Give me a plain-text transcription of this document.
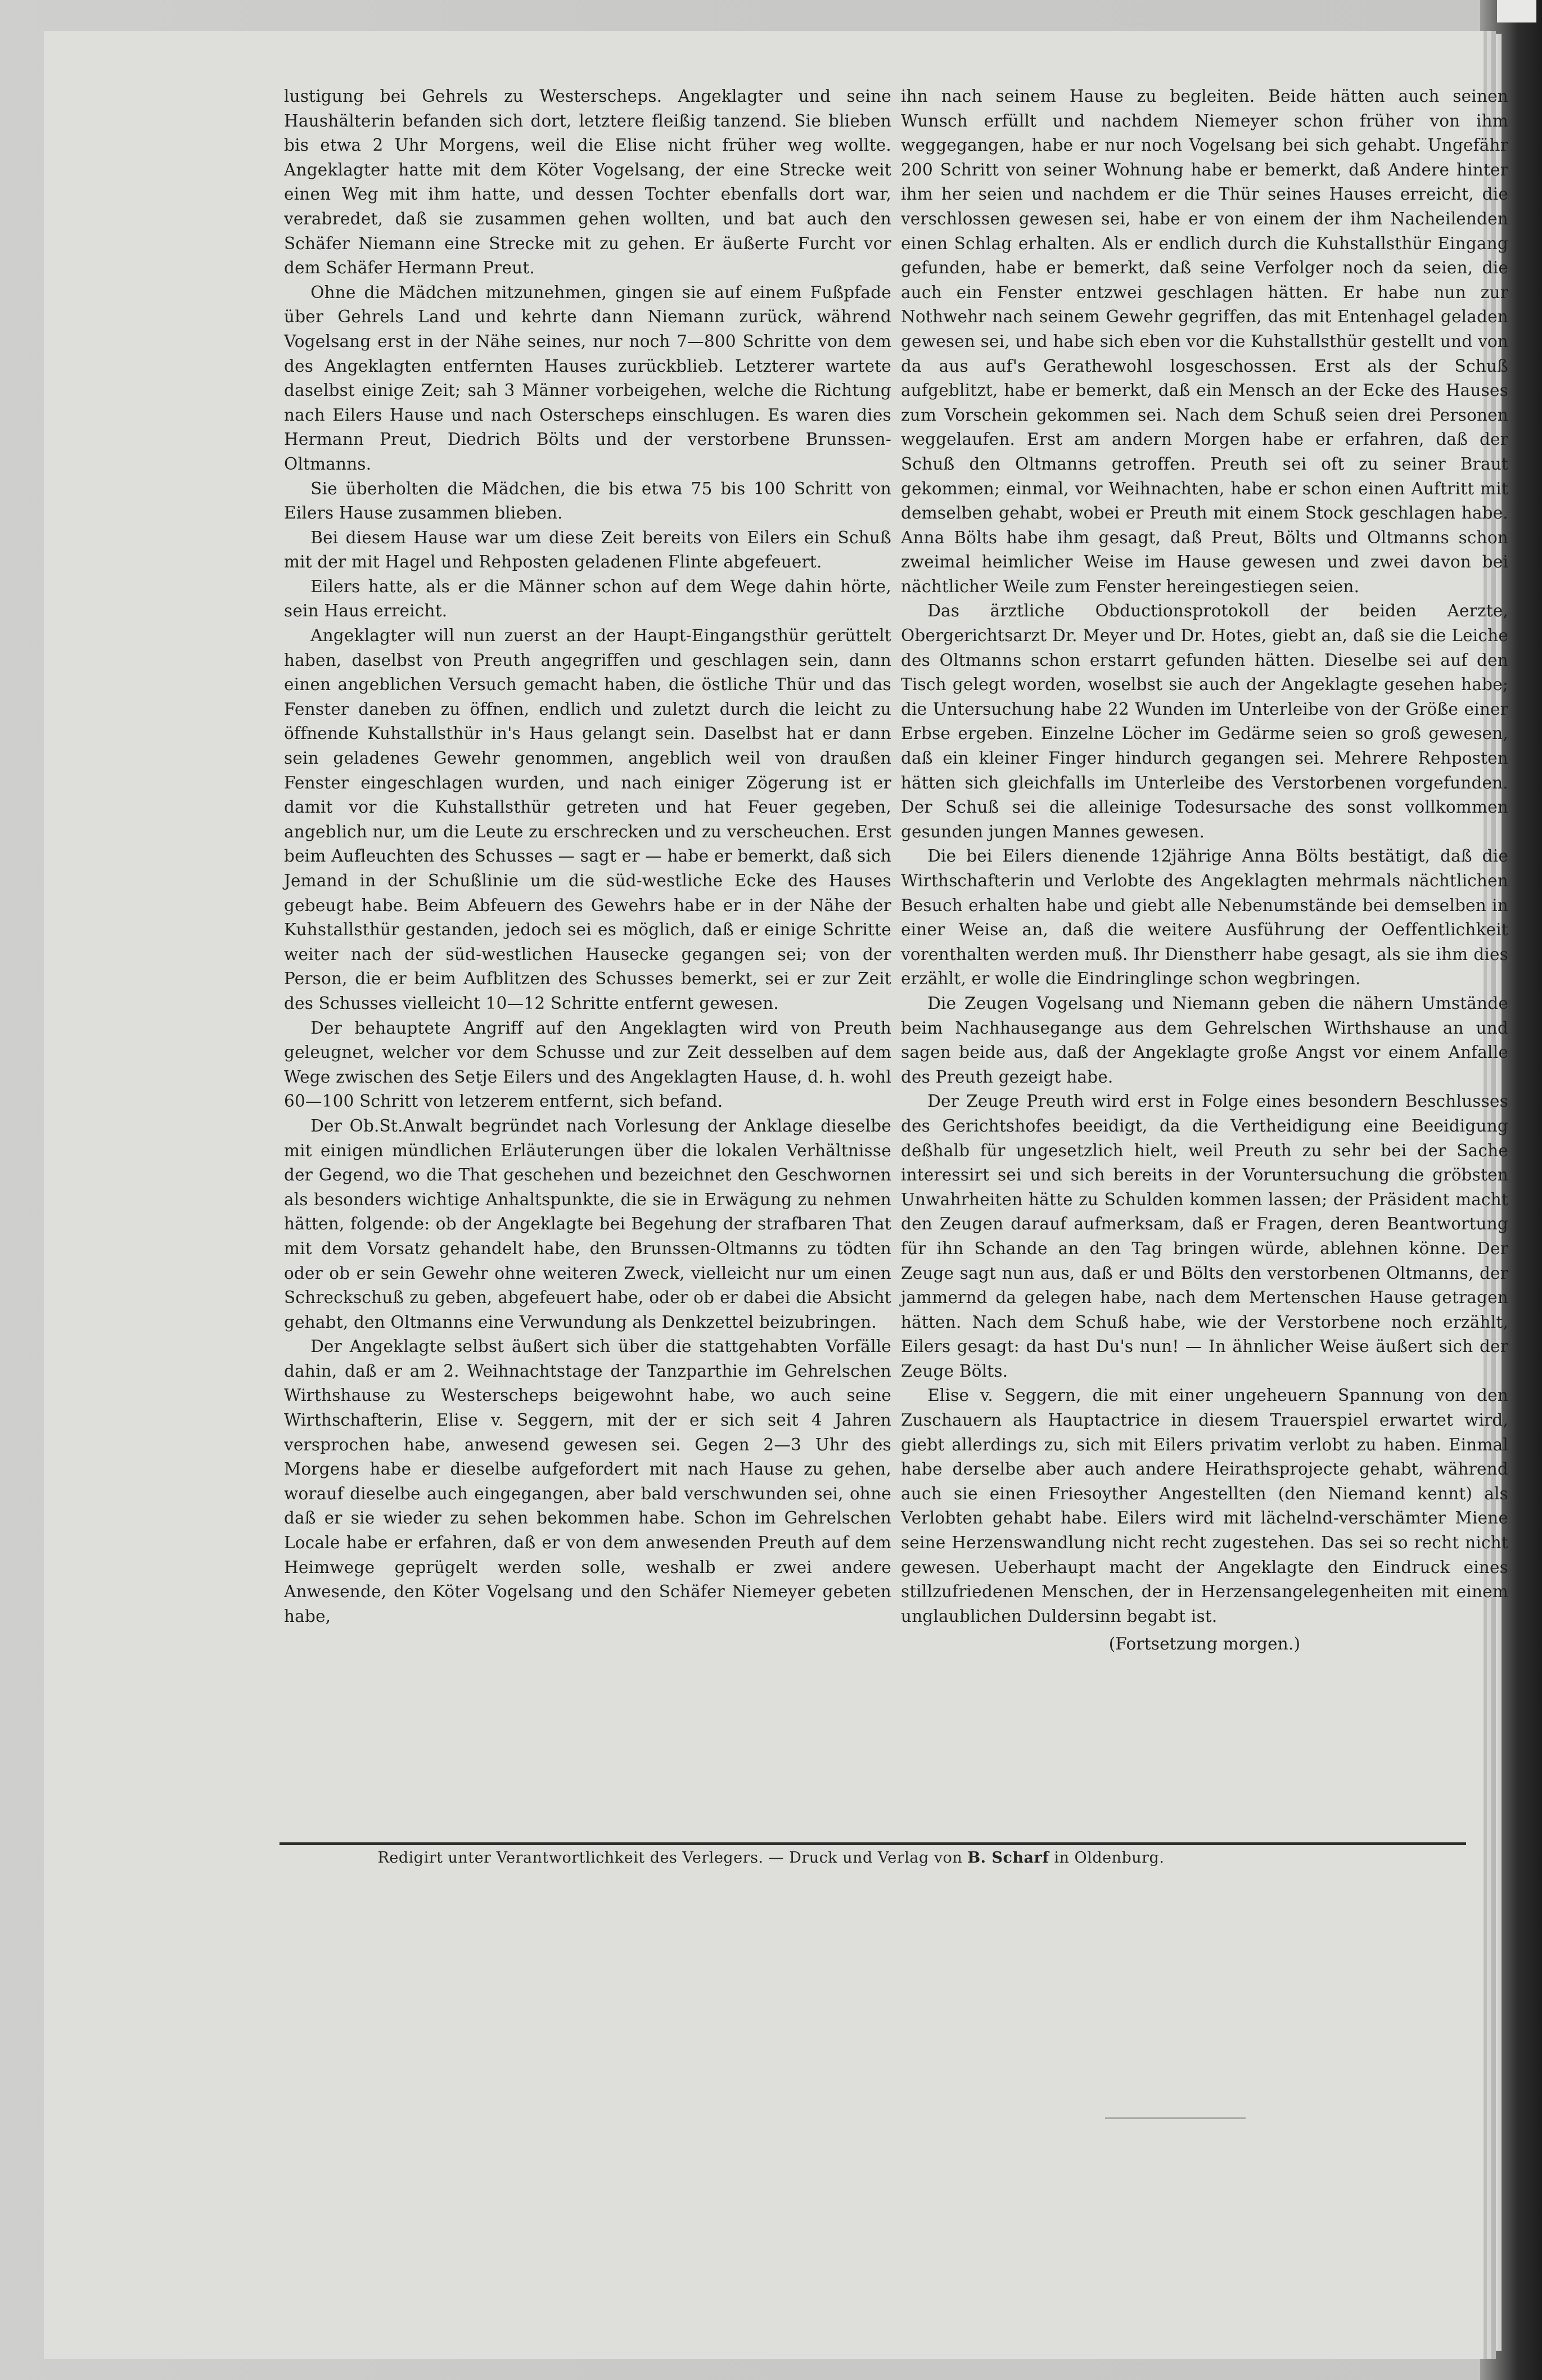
lustigung bei Gehrels zu Westerscheps. Angeklagter und seine Haushälterin befanden sich dort, letztere fleißig tanzend. Sie blieben bis etwa 2 Uhr Morgens, weil die Elise nicht früher weg wollte. Angeklagter hatte mit dem Köter Vogelsang, der eine Strecke weit einen Weg mit ihm hatte, und dessen Tochter ebenfalls dort war, verabredet, daß sie zusammen gehen wollten, und bat auch den Schäfer Niemann eine Strecke mit zu gehen. Er äußerte Furcht vor dem Schäfer Hermann Preut.

Ohne die Mädchen mitzunehmen, gingen sie auf einem Fußpfade über Gehrels Land und kehrte dann Niemann zurück, während Vogelsang erst in der Nähe seines, nur noch 7—800 Schritte von dem des Angeklagten entfernten Hauses zurückblieb. Letzterer wartete daselbst einige Zeit; sah 3 Männer vorbeigehen, welche die Richtung nach Eilers Hause und nach Osterscheps einschlugen. Es waren dies Hermann Preut, Diedrich Bölts und der verstorbene Brunssen-Oltmanns.

Sie überholten die Mädchen, die bis etwa 75 bis 100 Schritt von Eilers Hause zusammen blieben.

Bei diesem Hause war um diese Zeit bereits von Eilers ein Schuß mit der mit Hagel und Rehposten geladenen Flinte abgefeuert.

Eilers hatte, als er die Männer schon auf dem Wege dahin hörte, sein Haus erreicht.

Angeklagter will nun zuerst an der Haupt-Eingangsthür gerüttelt haben, daselbst von Preuth angegriffen und geschlagen sein, dann einen angeblichen Versuch gemacht haben, die östliche Thür und das Fenster daneben zu öffnen, endlich und zuletzt durch die leicht zu öffnende Kuhstallsthür in's Haus gelangt sein. Daselbst hat er dann sein geladenes Gewehr genommen, angeblich weil von draußen Fenster eingeschlagen wurden, und nach einiger Zögerung ist er damit vor die Kuhstallsthür getreten und hat Feuer gegeben, angeblich nur, um die Leute zu erschrecken und zu verscheuchen. Erst beim Aufleuchten des Schusses — sagt er — habe er bemerkt, daß sich Jemand in der Schußlinie um die süd-westliche Ecke des Hauses gebeugt habe. Beim Abfeuern des Gewehrs habe er in der Nähe der Kuhstallsthür gestanden, jedoch sei es möglich, daß er einige Schritte weiter nach der süd-westlichen Hausecke gegangen sei; von der Person, die er beim Aufblitzen des Schusses bemerkt, sei er zur Zeit des Schusses vielleicht 10—12 Schritte entfernt gewesen.

Der behauptete Angriff auf den Angeklagten wird von Preuth geleugnet, welcher vor dem Schusse und zur Zeit desselben auf dem Wege zwischen des Setje Eilers und des Angeklagten Hause, d. h. wohl 60—100 Schritt von letzerem entfernt, sich befand.

Der Ob.St.Anwalt begründet nach Vorlesung der Anklage dieselbe mit einigen mündlichen Erläuterungen über die lokalen Verhältnisse der Gegend, wo die That geschehen und bezeichnet den Geschwornen als besonders wichtige Anhaltspunkte, die sie in Erwägung zu nehmen hätten, folgende: ob der Angeklagte bei Begehung der strafbaren That mit dem Vorsatz gehandelt habe, den Brunssen-Oltmanns zu tödten oder ob er sein Gewehr ohne weiteren Zweck, vielleicht nur um einen Schreckschuß zu geben, abgefeuert habe, oder ob er dabei die Absicht gehabt, den Oltmanns eine Verwundung als Denkzettel beizubringen.

Der Angeklagte selbst äußert sich über die stattgehabten Vorfälle dahin, daß er am 2. Weihnachtstage der Tanzparthie im Gehrelschen Wirthshause zu Westerscheps beigewohnt habe, wo auch seine Wirthschafterin, Elise v. Seggern, mit der er sich seit 4 Jahren versprochen habe, anwesend gewesen sei. Gegen 2—3 Uhr des Morgens habe er dieselbe aufgefordert mit nach Hause zu gehen, worauf dieselbe auch eingegangen, aber bald verschwunden sei, ohne daß er sie wieder zu sehen bekommen habe. Schon im Gehrelschen Locale habe er erfahren, daß er von dem anwesenden Preuth auf dem Heimwege geprügelt werden solle, weshalb er zwei andere Anwesende, den Köter Vogelsang und den Schäfer Niemeyer gebeten habe,

ihn nach seinem Hause zu begleiten. Beide hätten auch seinen Wunsch erfüllt und nachdem Niemeyer schon früher von ihm weggegangen, habe er nur noch Vogelsang bei sich gehabt. Ungefähr 200 Schritt von seiner Wohnung habe er bemerkt, daß Andere hinter ihm her seien und nachdem er die Thür seines Hauses erreicht, die verschlossen gewesen sei, habe er von einem der ihm Nacheilenden einen Schlag erhalten. Als er endlich durch die Kuhstallsthür Eingang gefunden, habe er bemerkt, daß seine Verfolger noch da seien, die auch ein Fenster entzwei geschlagen hätten. Er habe nun zur Nothwehr nach seinem Gewehr gegriffen, das mit Entenhagel geladen gewesen sei, und habe sich eben vor die Kuhstallsthür gestellt und von da aus auf's Gerathewohl losgeschossen. Erst als der Schuß aufgeblitzt, habe er bemerkt, daß ein Mensch an der Ecke des Hauses zum Vorschein gekommen sei. Nach dem Schuß seien drei Personen weggelaufen. Erst am andern Morgen habe er erfahren, daß der Schuß den Oltmanns getroffen. Preuth sei oft zu seiner Braut gekommen; einmal, vor Weihnachten, habe er schon einen Auftritt mit demselben gehabt, wobei er Preuth mit einem Stock geschlagen habe. Anna Bölts habe ihm gesagt, daß Preut, Bölts und Oltmanns schon zweimal heimlicher Weise im Hause gewesen und zwei davon bei nächtlicher Weile zum Fenster hereingestiegen seien.

Das ärztliche Obductionsprotokoll der beiden Aerzte, Obergerichtsarzt Dr. Meyer und Dr. Hotes, giebt an, daß sie die Leiche des Oltmanns schon erstarrt gefunden hätten. Dieselbe sei auf den Tisch gelegt worden, woselbst sie auch der Angeklagte gesehen habe; die Untersuchung habe 22 Wunden im Unterleibe von der Größe einer Erbse ergeben. Einzelne Löcher im Gedärme seien so groß gewesen, daß ein kleiner Finger hindurch gegangen sei. Mehrere Rehposten hätten sich gleichfalls im Unterleibe des Verstorbenen vorgefunden. Der Schuß sei die alleinige Todesursache des sonst vollkommen gesunden jungen Mannes gewesen.

Die bei Eilers dienende 12jährige Anna Bölts bestätigt, daß die Wirthschafterin und Verlobte des Angeklagten mehrmals nächtlichen Besuch erhalten habe und giebt alle Nebenumstände bei demselben in einer Weise an, daß die weitere Ausführung der Oeffentlichkeit vorenthalten werden muß. Ihr Dienstherr habe gesagt, als sie ihm dies erzählt, er wolle die Eindringlinge schon wegbringen.

Die Zeugen Vogelsang und Niemann geben die nähern Umstände beim Nachhausegange aus dem Gehrelschen Wirthshause an und sagen beide aus, daß der Angeklagte große Angst vor einem Anfalle des Preuth gezeigt habe.

Der Zeuge Preuth wird erst in Folge eines besondern Beschlusses des Gerichtshofes beeidigt, da die Vertheidigung eine Beeidigung deßhalb für ungesetzlich hielt, weil Preuth zu sehr bei der Sache interessirt sei und sich bereits in der Voruntersuchung die gröbsten Unwahrheiten hätte zu Schulden kommen lassen; der Präsident macht den Zeugen darauf aufmerksam, daß er Fragen, deren Beantwortung für ihn Schande an den Tag bringen würde, ablehnen könne. Der Zeuge sagt nun aus, daß er und Bölts den verstorbenen Oltmanns, der jammernd da gelegen habe, nach dem Mertenschen Hause getragen hätten. Nach dem Schuß habe, wie der Verstorbene noch erzählt, Eilers gesagt: da hast Du's nun! — In ähnlicher Weise äußert sich der Zeuge Bölts.

Elise v. Seggern, die mit einer ungeheuern Spannung von den Zuschauern als Hauptactrice in diesem Trauerspiel erwartet wird, giebt allerdings zu, sich mit Eilers privatim verlobt zu haben. Einmal habe derselbe aber auch andere Heirathsprojecte gehabt, während auch sie einen Friesoyther Angestellten (den Niemand kennt) als Verlobten gehabt habe. Eilers wird mit lächelnd-verschämter Miene seine Herzenswandlung nicht recht zugestehen. Das sei so recht nicht gewesen. Ueberhaupt macht der Angeklagte den Eindruck eines stillzufriedenen Menschen, der in Herzensangelegenheiten mit einem unglaublichen Duldersinn begabt ist.

(Fortsetzung morgen.)

Redigirt unter Verantwortlichkeit des Verlegers. — Druck und Verlag von B. Scharf in Oldenburg.
